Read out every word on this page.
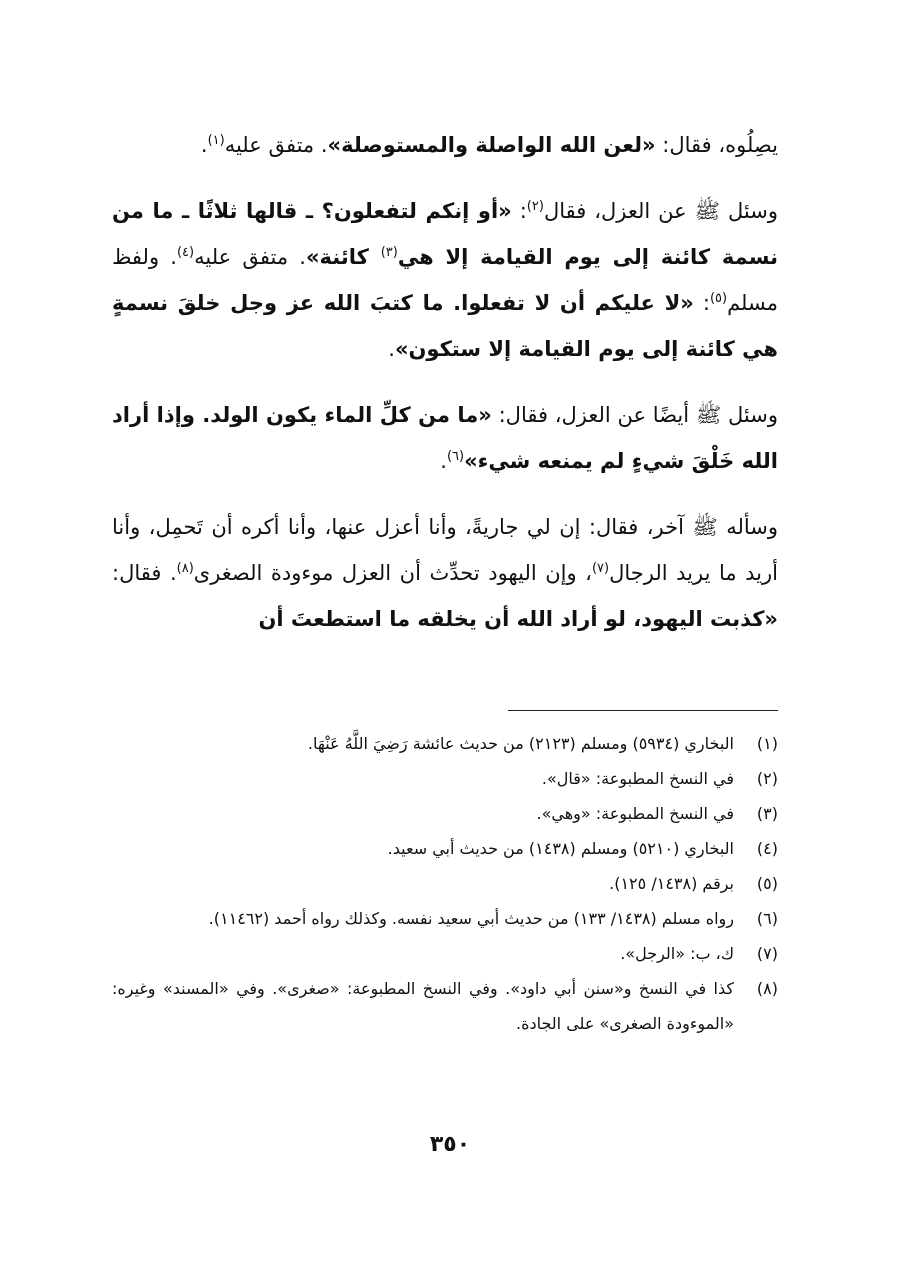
يصِلُوه، فقال: «لعن الله الواصلة والمستوصلة». متفق عليه$^{(١)}$.

وسئل ﷺ عن العزل، فقال$^{(٢)}$: «أو إنكم لتفعلون؟ ـ قالها ثلاثًا ـ ما من نسمة كائنة إلى يوم القيامة إلا هي$^{(٣)}$ كائنة». متفق عليه$^{(٤)}$. ولفظ مسلم$^{(٥)}$: «لا عليكم أن لا تفعلوا. ما كتبَ الله عز وجل خلقَ نسمةٍ هي كائنة إلى يوم القيامة إلا ستكون».

وسئل ﷺ أيضًا عن العزل، فقال: «ما من كلِّ الماء يكون الولد. وإذا أراد الله خَلْقَ شيءٍ لم يمنعه شيء»$^{(٦)}$.

وسأله ﷺ آخر، فقال: إن لي جاريةً، وأنا أعزل عنها، وأنا أكره أن تَحمِل، وأنا أريد ما يريد الرجال$^{(٧)}$، وإن اليهود تحدِّث أن العزل موءودة الصغرى$^{(٨)}$. فقال: «كذبت اليهود، لو أراد الله أن يخلقه ما استطعتَ أن

(١)
البخاري (٥٩٣٤) ومسلم (٢١٢٣) من حديث عائشة رَضِيَ اللَّهُ عَنْهَا.
(٢)
في النسخ المطبوعة: «قال».
(٣)
في النسخ المطبوعة: «وهي».
(٤)
البخاري (٥٢١٠) ومسلم (١٤٣٨) من حديث أبي سعيد.
(٥)
برقم (١٤٣٨/ ١٢٥).
(٦)
رواه مسلم (١٤٣٨/ ١٣٣) من حديث أبي سعيد نفسه. وكذلك رواه أحمد (١١٤٦٢).
(٧)
ك، ب: «الرجل».
(٨)
كذا في النسخ و«سنن أبي داود». وفي النسخ المطبوعة: «صغرى». وفي «المسند» وغيره: «الموءودة الصغرى» على الجادة.
٣٥٠
